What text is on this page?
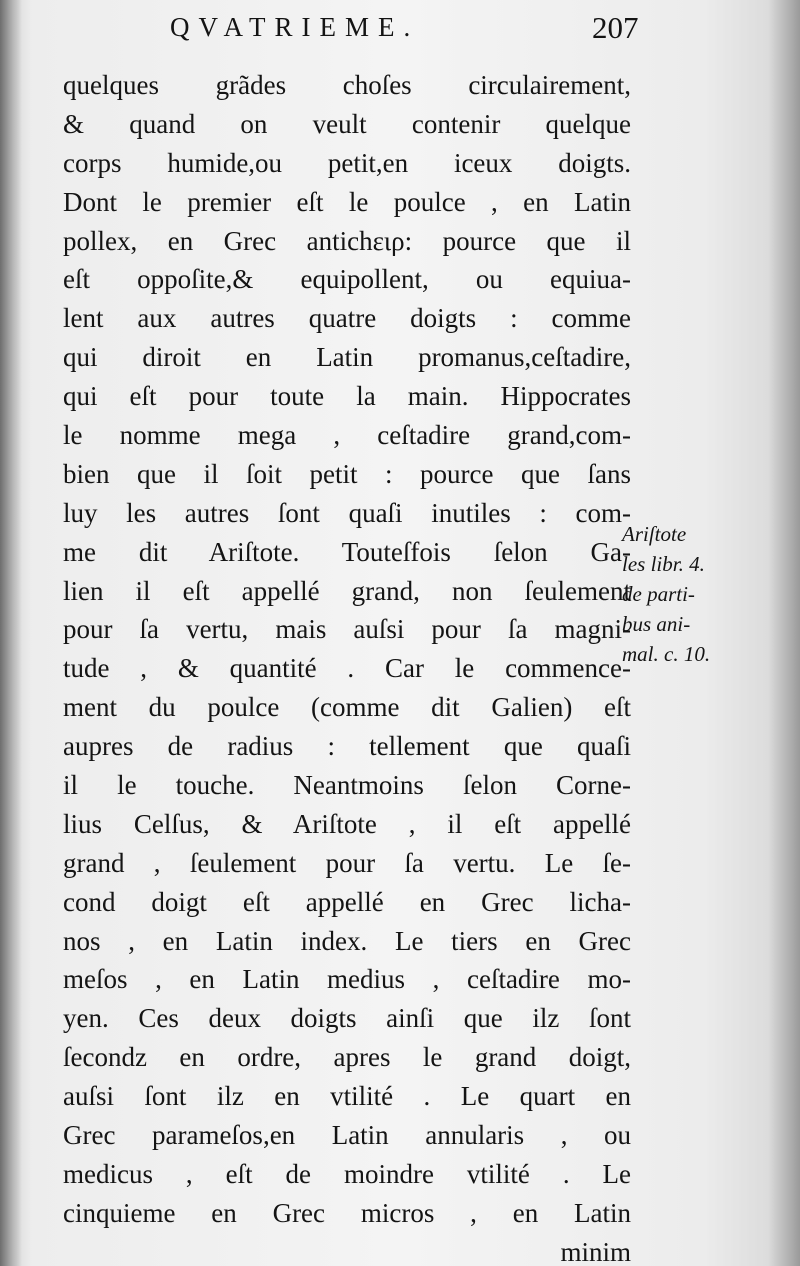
QVATRIEME.	207
quelques grãdes choſes circulairement,
& quand on veult contenir quelque
corps humide,ou petit,en iceux doigts.
Dont le premier eſt le poulce , en Latin
pollex, en Grec antichειρ: pource que il
eſt oppoſite,& equipollent, ou equiua-
lent aux autres quatre doigts : comme
qui diroit en Latin promanus,ceſtadire,
qui eſt pour toute la main. Hippocrates
le nomme mega , ceſtadire grand,com-
bien que il ſoit petit : pource que ſans
luy les autres ſont quaſi inutiles : com-
me dit Ariſtote. Touteſfois ſelon Ga-
lien il eſt appellé grand, non ſeulement
pour ſa vertu, mais auſsi pour ſa magni-
tude , & quantité . Car le commence-
ment du poulce (comme dit Galien) eſt
aupres de radius : tellement que quaſi
il le touche. Neantmoins ſelon Corne-
lius Celſus, & Ariſtote , il eſt appellé
grand , ſeulement pour ſa vertu. Le ſe-
cond doigt eſt appellé en Grec licha-
nos , en Latin index. Le tiers en Grec
meſos , en Latin medius , ceſtadire mo-
yen. Ces deux doigts ainſi que ilz ſont
ſecondz en ordre, apres le grand doigt,
auſsi ſont ilz en vtilité . Le quart en
Grec parameſos,en Latin annularis , ou
medicus , eſt de moindre vtilité . Le
cinquieme en Grec micros , en Latin
minim
Ariſtote
les libr. 4.
de parti-
bus ani-
mal. c. 10.
